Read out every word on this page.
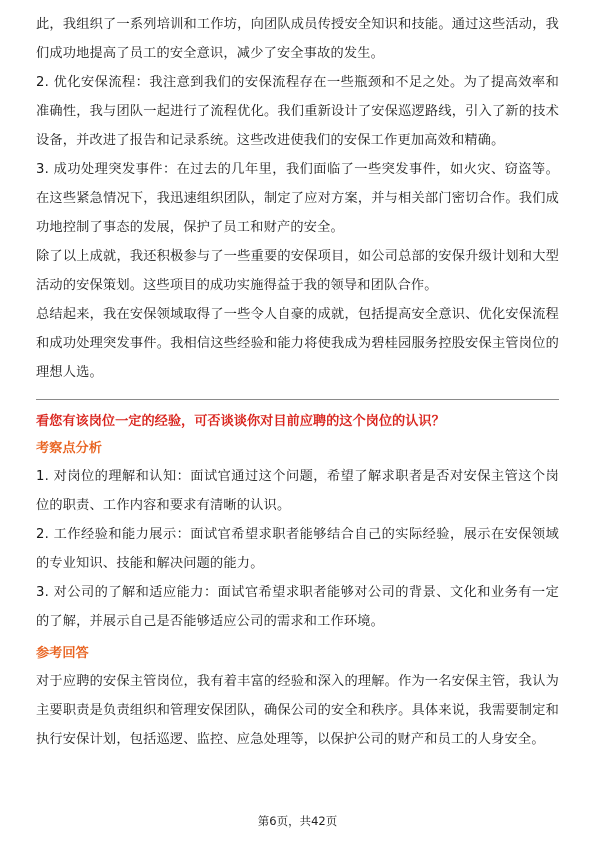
此，我组织了一系列培训和工作坊，向团队成员传授安全知识和技能。通过这些活动，我们成功地提高了员工的安全意识，减少了安全事故的发生。

2. 优化安保流程：我注意到我们的安保流程存在一些瓶颈和不足之处。为了提高效率和准确性，我与团队一起进行了流程优化。我们重新设计了安保巡逻路线，引入了新的技术设备，并改进了报告和记录系统。这些改进使我们的安保工作更加高效和精确。

3. 成功处理突发事件：在过去的几年里，我们面临了一些突发事件，如火灾、窃盗等。在这些紧急情况下，我迅速组织团队，制定了应对方案，并与相关部门密切合作。我们成功地控制了事态的发展，保护了员工和财产的安全。

除了以上成就，我还积极参与了一些重要的安保项目，如公司总部的安保升级计划和大型活动的安保策划。这些项目的成功实施得益于我的领导和团队合作。

总结起来，我在安保领域取得了一些令人自豪的成就，包括提高安全意识、优化安保流程和成功处理突发事件。我相信这些经验和能力将使我成为碧桂园服务控股安保主管岗位的理想人选。

看您有该岗位一定的经验，可否谈谈你对目前应聘的这个岗位的认识？

考察点分析

1. 对岗位的理解和认知：面试官通过这个问题，希望了解求职者是否对安保主管这个岗位的职责、工作内容和要求有清晰的认识。

2. 工作经验和能力展示：面试官希望求职者能够结合自己的实际经验，展示在安保领域的专业知识、技能和解决问题的能力。

3. 对公司的了解和适应能力：面试官希望求职者能够对公司的背景、文化和业务有一定的了解，并展示自己是否能够适应公司的需求和工作环境。

参考回答

对于应聘的安保主管岗位，我有着丰富的经验和深入的理解。作为一名安保主管，我认为主要职责是负责组织和管理安保团队，确保公司的安全和秩序。具体来说，我需要制定和执行安保计划，包括巡逻、监控、应急处理等，以保护公司的财产和员工的人身安全。

第6页，共42页
